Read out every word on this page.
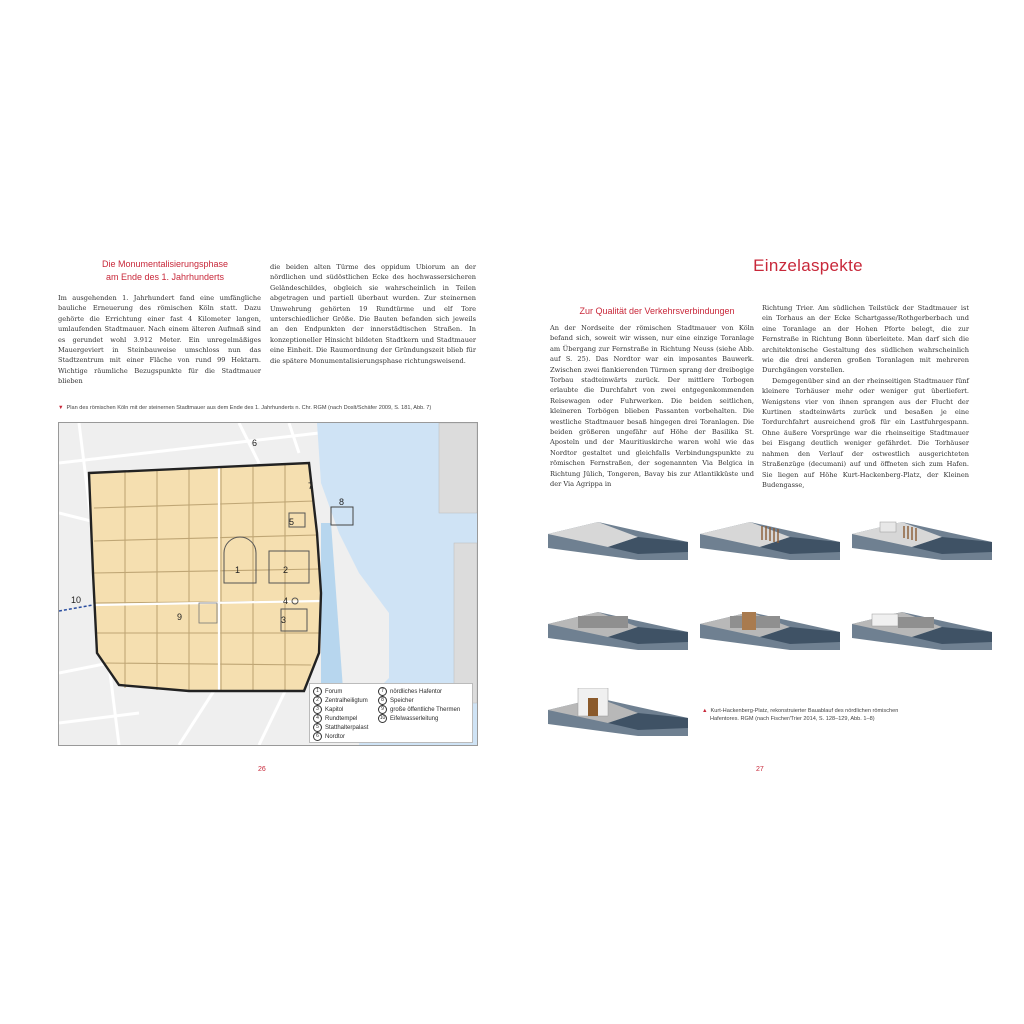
Die Monumentalisierungsphase
am Ende des 1. Jahrhunderts

Im ausgehenden 1. Jahrhundert fand eine umfängliche bauliche Erneuerung des römischen Köln statt. Dazu gehörte die Errichtung einer fast 4 Kilometer langen, umlaufenden Stadtmauer. Nach einem älteren Aufmaß sind es gerundet wohl 3.912 Meter. Ein unregelmäßiges Mauergeviert in Steinbauweise umschloss nun das Stadtzentrum mit einer Fläche von rund 99 Hektarn. Wichtige räumliche Bezugspunkte für die Stadtmauer blieben

die beiden alten Türme des oppidum Ubiorum an der nördlichen und südöstlichen Ecke des hochwassersicheren Geländeschildes, obgleich sie wahrscheinlich in Teilen abgetragen und partiell überbaut wurden. Zur steinernen Umwehrung gehörten 19 Rundtürme und elf Tore unterschiedlicher Größe. Die Bauten befanden sich jeweils an den Endpunkten der innerstädtischen Straßen. In konzeptioneller Hinsicht bildeten Stadtkern und Stadtmauer eine Einheit. Die Raumordnung der Gründungszeit blieb für die spätere Monumentalisierungsphase richtungsweisend.

▼ Plan des römischen Köln mit der steinernen Stadtmauer aus dem Ende des 1. Jahrhunderts n. Chr. RGM (nach Doslt/Schäfer 2009, S. 181, Abb. 7)
6
7
8
5
1	2
4
9	3
10
1	Forum
2	Zentralheiligtum
3	Kapitol
4	Rundtempel
5	Statthalterpalast
6	Nordtor
7	nördliches Hafentor
8	Speicher
9	große öffentliche Thermen
10 Eifelwasserleitung
26
Einzelaspekte
Zur Qualität der Verkehrsverbindungen

An der Nordseite der römischen Stadtmauer von Köln befand sich, soweit wir wissen, nur eine einzige Toranlage am Übergang zur Fernstraße in Richtung Neuss (siehe Abb. auf S. 25). Das Nordtor war ein imposantes Bauwerk. Zwischen zwei flankierenden Türmen sprang der dreibogige Torbau stadteinwärts zurück. Der mittlere Torbogen erlaubte die Durchfahrt von zwei entgegenkommenden Reisewagen oder Fuhrwerken. Die beiden seitlichen, kleineren Torbögen blieben Passanten vorbehalten. Die westliche Stadtmauer besaß hingegen drei Toranlagen. Die beiden größeren ungefähr auf Höhe der Basilika St. Aposteln und der Mauritiuskirche waren wohl wie das Nordtor gestaltet und gleichfalls Verbindungspunkte zu römischen Fernstraßen, der sogenannten Via Belgica in Richtung Jülich, Tongeren, Bavay bis zur Atlantikküste und der Via Agrippa in

Richtung Trier. Am südlichen Teilstück der Stadtmauer ist ein Torhaus an der Ecke Schartgasse/Rothgerberbach und eine Toranlage an der Hohen Pforte belegt, die zur Fernstraße in Richtung Bonn überleitete. Man darf sich die architektonische Gestaltung des südlichen wahrscheinlich wie die drei anderen großen Toranlagen mit mehreren Durchgängen vorstellen.

Demgegenüber sind an der rheinseitigen Stadtmauer fünf kleinere Torhäuser mehr oder weniger gut überliefert. Wenigstens vier von ihnen sprangen aus der Flucht der Kurtinen stadteinwärts zurück und besaßen je eine Tordurchfahrt ausreichend groß für ein Lastfuhrgespann. Ohne äußere Vorsprünge war die rheinseitige Stadtmauer bei Eisgang deutlich weniger gefährdet. Die Torhäuser nahmen den Verlauf der ostwestlich ausgerichteten Straßenzüge (decumani) auf und öffneten sich zum Hafen. Sie liegen auf Höhe Kurt-Hackenberg-Platz, der Kleinen Budengasse,

▲ Kurt-Hackenberg-Platz, rekonstruierter Bauablauf des nördlichen römischen
Hafentores. RGM (nach Fischer/Trier 2014, S. 128–129, Abb. 1–8)
27
